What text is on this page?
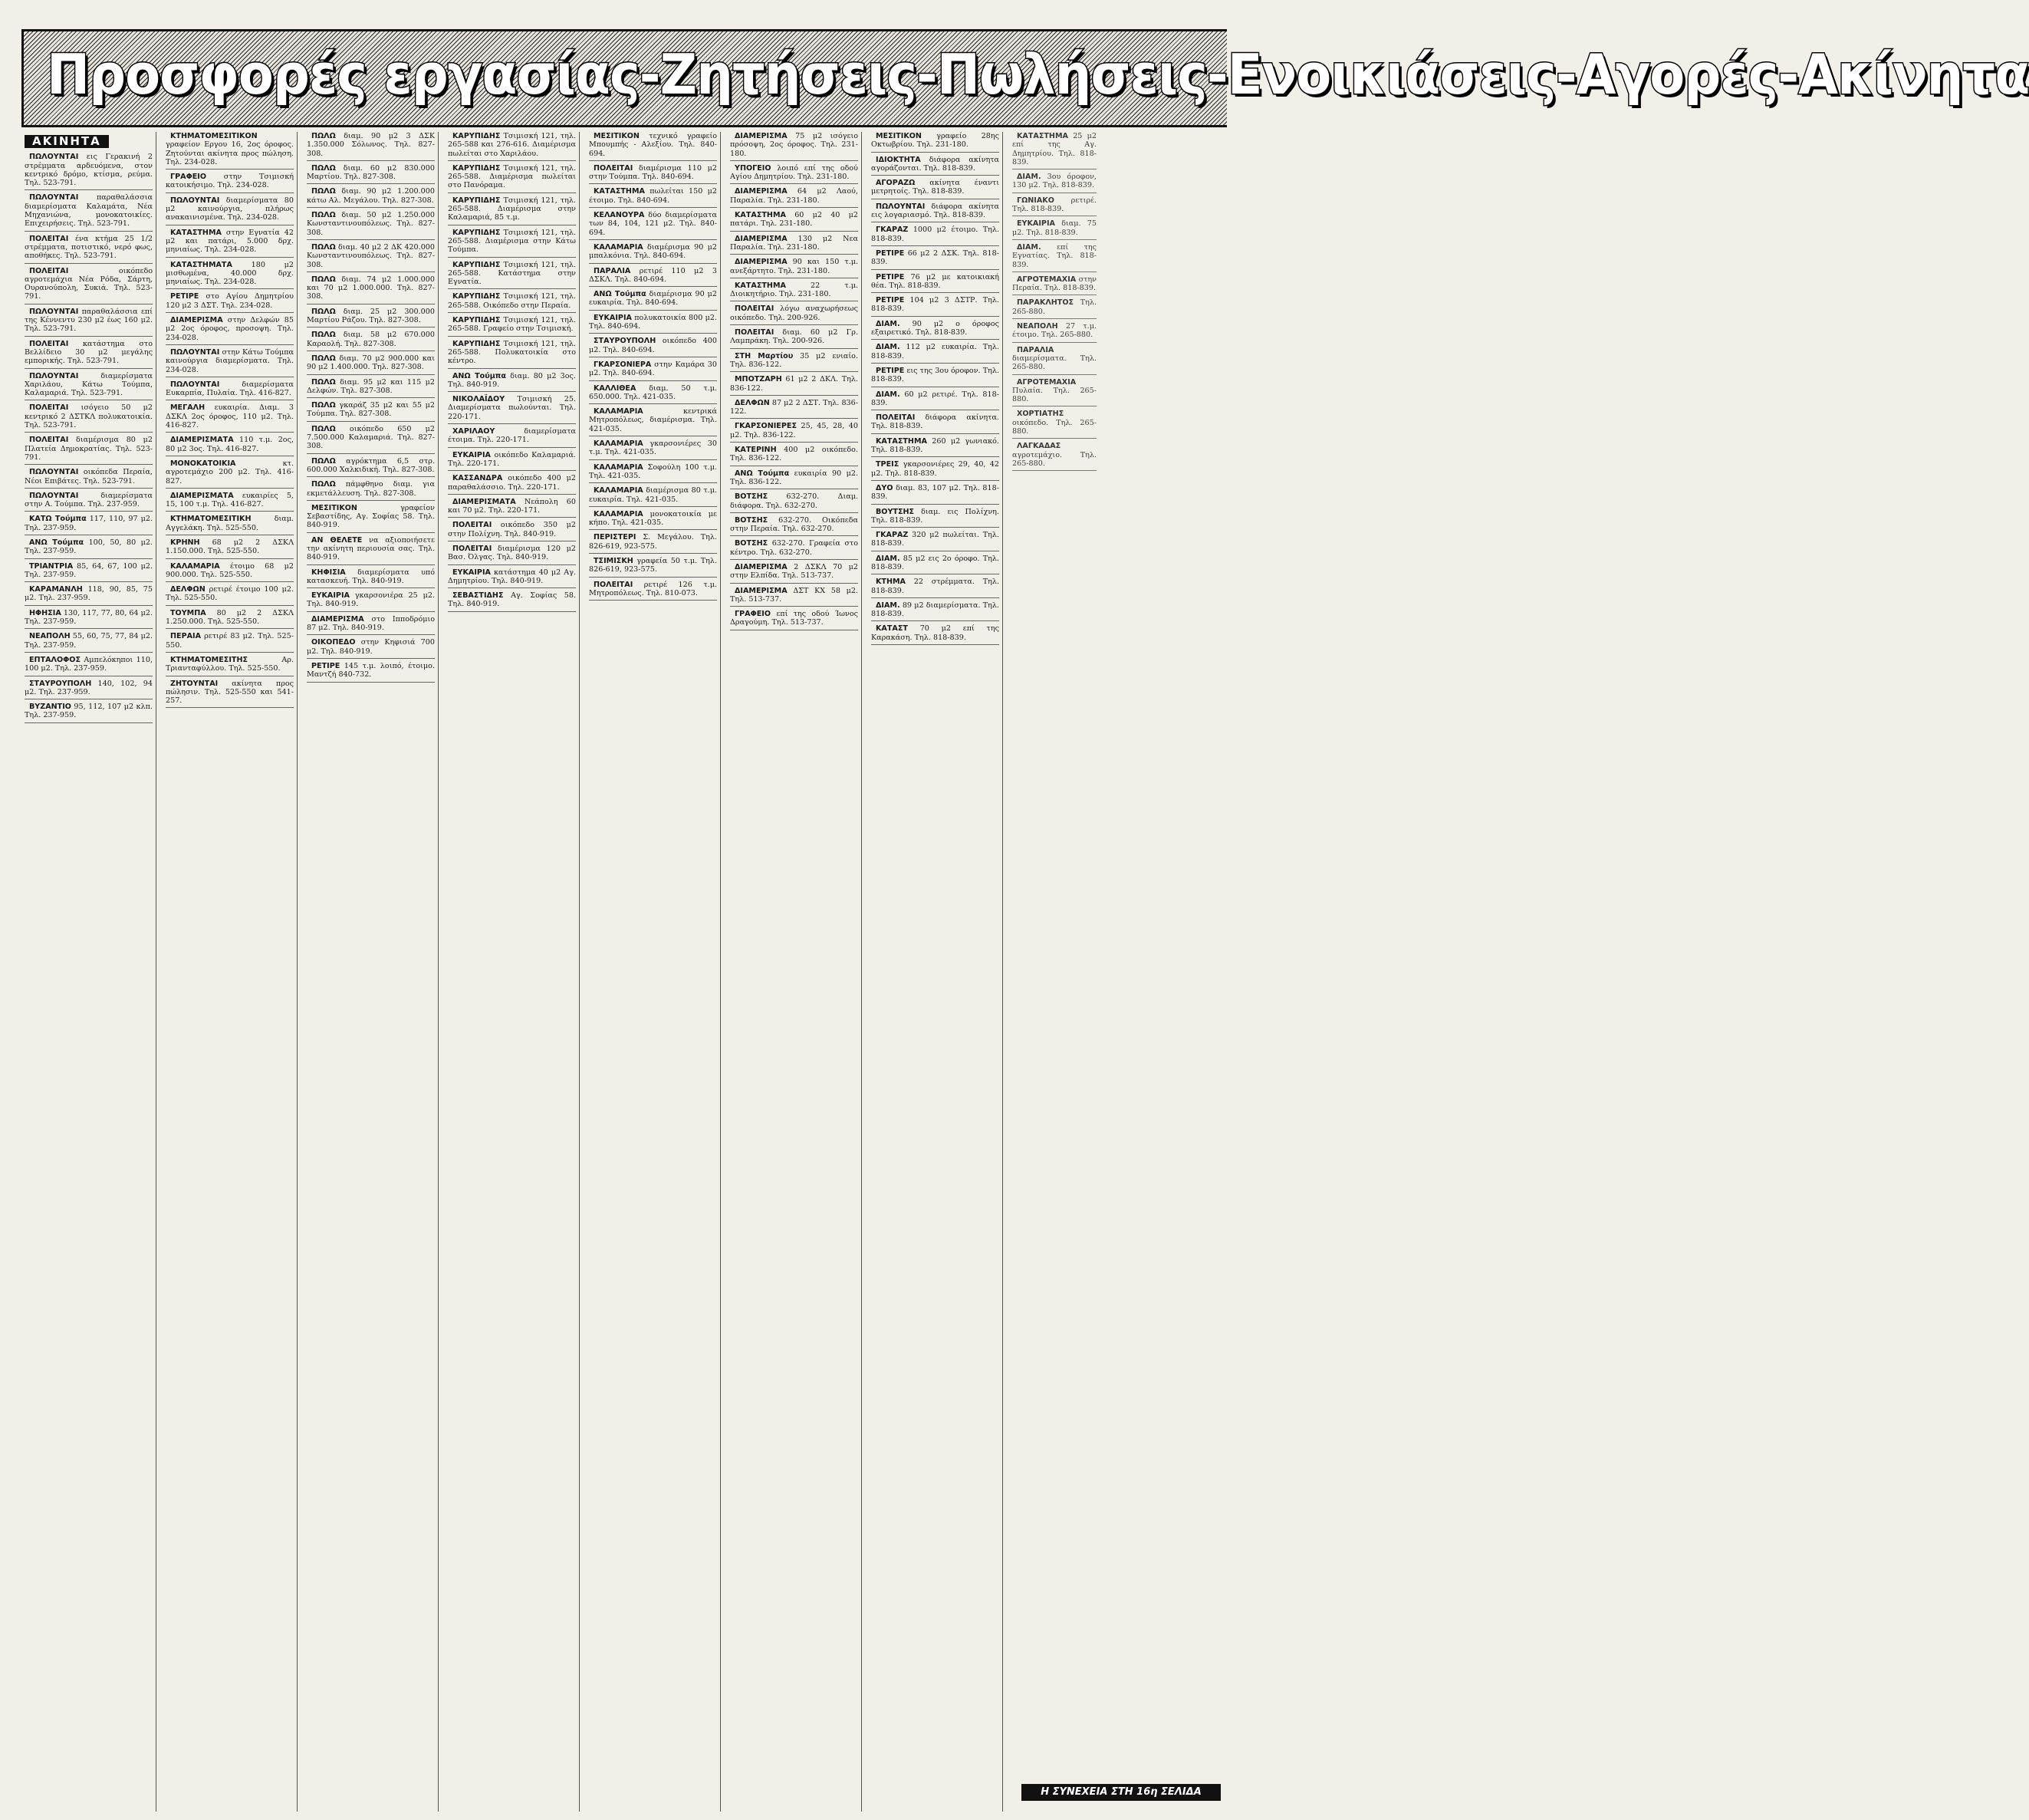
Προσφορές εργασίας-Ζητήσεις-Πωλήσεις-Ενοικιάσεις-Αγορές-Ακίνητα
ΑΚΙΝΗΤΑ
ΠΩΛΟΥΝΤΑΙ εις Γερακινή 2 στρέμματα αρδευόμενα, στον κεντρικό δρόμο, κτίσμα, ρεύμα. Τηλ. 523-791.
ΠΩΛΟΥΝΤΑΙ παραθαλάσσια διαμερίσματα Καλαμάτα, Νέα Μηχανιώνα, μονοκατοικίες. Επιχειρήσεις. Τηλ. 523-791.
ΠΟΛΕΙΤΑΙ ένα κτήμα 25 1/2 στρέμματα, ποτιστικό, νερό φως, αποθήκες. Τηλ. 523-791.
ΠΟΛΕΙΤΑΙ	οικόπεδο αγροτεμάχια Νέα Ρόδα, Σάρτη, Ουρανούπολη, Συκιά. Τηλ. 523-791.
ΠΩΛΟΥΝΤΑΙ παραθαλάσσια επί της Κέννεντυ 230 μ2 έως 160 μ2. Τηλ. 523-791.
ΠΟΛΕΙΤΑΙ κατάστημα στο Βελλίδειο 30 μ2 μεγάλης εμπορικής. Τηλ. 523-791.
ΠΩΛΟΥΝΤΑΙ	διαμερίσματα Χαριλάου, Κάτω Τούμπα, Καλαμαριά. Τηλ. 523-791.
ΠΟΛΕΙΤΑΙ ισόγειο 50 μ2 κεντρικό 2 ΔΣΤΚΛ πολυκατοικία. Τηλ. 523-791.
ΠΟΛΕΙΤΑΙ διαμέρισμα 80 μ2 Πλατεία Δημοκρατίας. Τηλ. 523-791.
ΠΩΛΟΥΝΤΑΙ οικόπεδα Περαία, Νέοι Επιβάτες. Τηλ. 523-791.
ΠΩΛΟΥΝΤΑΙ	διαμερίσματα στην Α. Τούμπα. Τηλ. 237-959.
ΚΑΤΩ Τούμπα 117, 110, 97 μ2. Τηλ. 237-959.
ΑΝΩ Τούμπα 100, 50, 80 μ2. Τηλ. 237-959.
ΤΡΙΑΝΤΡΙΑ 85, 64, 67, 100 μ2. Τηλ. 237-959.
ΚΑΡΑΜΑΝΛΗ 118, 90, 85, 75 μ2. Τηλ. 237-959.
ΗΦΗΣΙΑ 130, 117, 77, 80, 64 μ2. Τηλ. 237-959.
ΝΕΑΠΟΛΗ 55, 60, 75, 77, 84 μ2. Τηλ. 237-959.
ΕΠΤΑΛΟΦΟΣ Αμπελόκηποι 110, 100 μ2. Τηλ. 237-959.
ΣΤΑΥΡΟΥΠΟΛΗ 140, 102, 94 μ2. Τηλ. 237-959.
ΒΥΖΑΝΤΙΟ 95, 112, 107 μ2 κλπ. Τηλ. 237-959.
ΚΤΗΜΑΤΟΜΕΣΙΤΙΚΟΝ γραφείον Εργου 16, 2ος όροφος. Ζητούνται ακίνητα προς πώληση. Τηλ. 234-028.
ΓΡΑΦΕΙΟ στην Τσιμισκή κατοικήσιμο. Τηλ. 234-028.
ΠΩΛΟΥΝΤΑΙ διαμερίσματα 80 μ2 καινούργια, πλήρως ανακαινισμένα. Τηλ. 234-028.
ΚΑΤΑΣΤΗΜΑ στην Εγνατία 42 μ2 και πατάρι, 5.000 δρχ. μηνιαίως. Τηλ. 234-028.
ΚΑΤΑΣΤΗΜΑΤΑ	180 μ2 μισθωμένα, 40.000 δρχ. μηνιαίως. Τηλ. 234-028.
ΡΕΤΙΡΕ στο Αγίου Δημητρίου 120 μ2 3 ΔΣΤ. Τηλ. 234-028.
ΔΙΑΜΕΡΙΣΜΑ στην Δελφών 85 μ2 2ος όροφος, προσοψη. Τηλ. 234-028.
ΠΩΛΟΥΝΤΑΙ στην Κάτω Τούμπα καινούργια διαμερίσματα. Τηλ. 234-028.
ΠΩΛΟΥΝΤΑΙ	διαμερίσματα Ευκαρπία, Πυλαία. Τηλ. 416-827.
ΜΕΓΑΛΗ ευκαιρία. Διαμ. 3 ΔΣΚΛ 2ος όροφος, 110 μ2. Τηλ. 416-827.
ΔΙΑΜΕΡΙΣΜΑΤΑ 110 τ.μ. 2ος, 80 μ2 3ος. Τηλ. 416-827.
ΜΟΝΟΚΑΤΟΙΚΙΑ	κτ. αγροτεμάχιο 200 μ2. Τηλ. 416-827.
ΔΙΑΜΕΡΙΣΜΑΤΑ ευκαιρίες 5, 15, 100 τ.μ. Τηλ. 416-827.
ΚΤΗΜΑΤΟΜΕΣΙΤΙΚΗ	διαμ. Αγγελάκη. Τηλ. 525-550.
ΚΡΗΝΗ 68 μ2 2 ΔΣΚΛ 1.150.000. Τηλ. 525-550.
ΚΑΛΑΜΑΡΙΑ έτοιμο 68 μ2 900.000. Τηλ. 525-550.
ΔΕΛΦΩΝ ρετιρέ έτοιμο 100 μ2. Τηλ. 525-550.
ΤΟΥΜΠΑ 80 μ2 2 ΔΣΚΛ 1.250.000. Τηλ. 525-550.
ΠΕΡΑΙΑ ρετιρέ 83 μ2. Τηλ. 525-550.
ΚΤΗΜΑΤΟΜΕΣΙΤΗΣ	Αρ. Τριανταφύλλου. Τηλ. 525-550.
ΖΗΤΟΥΝΤΑΙ ακίνητα προς πώλησιν. Τηλ. 525-550 και 541-257.
ΠΩΛΩ διαμ. 90 μ2 3 ΔΣΚ 1.350.000 Σόλωνος. Τηλ. 827-308.
ΠΩΛΩ διαμ. 60 μ2 830.000 Μαρτίου. Τηλ. 827-308.
ΠΩΛΩ διαμ. 90 μ2 1.200.000 κάτω Αλ. Μεγάλου. Τηλ. 827-308.
ΠΩΛΩ διαμ. 50 μ2 1.250.000 Κωνσταντινουπόλεως. Τηλ. 827-308.
ΠΩΛΩ διαμ. 40 μ2 2 ΔΚ 420.000 Κωνσταντινουπόλεως. Τηλ. 827-308.
ΠΩΛΩ διαμ. 74 μ2 1.000.000 και 70 μ2 1.000.000. Τηλ. 827-308.
ΠΩΛΩ διαμ. 25 μ2 300.000 Μαρτίου Ράζου. Τηλ. 827-308.
ΠΩΛΩ διαμ. 58 μ2 670.000 Καραολή. Τηλ. 827-308.
ΠΩΛΩ διαμ. 70 μ2 900.000 και 90 μ2 1.400.000. Τηλ. 827-308.
ΠΩΛΩ διαμ. 95 μ2 και 115 μ2 Δελφών. Τηλ. 827-308.
ΠΩΛΩ γκαράζ 35 μ2 και 55 μ2 Τούμπα. Τηλ. 827-308.
ΠΩΛΩ οικόπεδο 650 μ2 7.500.000 Καλαμαριά. Τηλ. 827-308.
ΠΩΛΩ αγρόκτημα 6,5 στρ. 600.000 Χαλκιδική. Τηλ. 827-308.
ΠΩΛΩ πάμφθηνο διαμ. για εκμετάλλευση. Τηλ. 827-308.
ΜΕΣΙΤΙΚΟΝ	γραφείον Σεβαστίδης, Αγ. Σοφίας 58. Τηλ. 840-919.
ΑΝ ΘΕΛΕΤΕ να αξιοποιήσετε την ακίνητη περιουσία σας. Τηλ. 840-919.
ΚΗΦΙΣΙΑ διαμερίσματα υπό κατασκευή. Τηλ. 840-919.
ΕΥΚΑΙΡΙΑ γκαρσονιέρα 25 μ2. Τηλ. 840-919.
ΔΙΑΜΕΡΙΣΜΑ στο Ιπποδρόμιο 87 μ2. Τηλ. 840-919.
ΟΙΚΟΠΕΔΟ στην Κηφισιά 700 μ2. Τηλ. 840-919.
ΡΕΤΙΡΕ 145 τ.μ. λοιπό, έτοιμο. Μαντζή 840-732.
ΚΑΡΥΠΙΔΗΣ Τσιμισκή 121, τηλ. 265-588 και 276-616. Διαμέρισμα πωλείται στο Χαριλάου.
ΚΑΡΥΠΙΔΗΣ Τσιμισκή 121, τηλ. 265-588. Διαμέρισμα πωλείται στο Πανόραμα.
ΚΑΡΥΠΙΔΗΣ Τσιμισκή 121, τηλ. 265-588. Διαμέρισμα στην Καλαμαριά, 85 τ.μ.
ΚΑΡΥΠΙΔΗΣ Τσιμισκή 121, τηλ. 265-588. Διαμέρισμα στην Κάτω Τούμπα.
ΚΑΡΥΠΙΔΗΣ Τσιμισκή 121, τηλ. 265-588. Κατάστημα στην Εγνατία.
ΚΑΡΥΠΙΔΗΣ Τσιμισκή 121, τηλ. 265-588. Οικόπεδο στην Περαία.
ΚΑΡΥΠΙΔΗΣ Τσιμισκή 121, τηλ. 265-588. Γραφείο στην Τσιμισκή.
ΚΑΡΥΠΙΔΗΣ Τσιμισκή 121, τηλ. 265-588. Πολυκατοικία στο κέντρο.
ΑΝΩ Τούμπα διαμ. 80 μ2 3ος. Τηλ. 840-919.
ΝΙΚΟΛΑΪΔΟΥ Τσιμισκή 25. Διαμερίσματα πωλούνται. Τηλ. 220-171.
ΧΑΡΙΛΑΟΥ	διαμερίσματα έτοιμα. Τηλ. 220-171.
ΕΥΚΑΙΡΙΑ οικόπεδο Καλαμαριά. Τηλ. 220-171.
ΚΑΣΣΑΝΔΡΑ οικόπεδο 400 μ2 παραθαλάσσιο. Τηλ. 220-171.
ΔΙΑΜΕΡΙΣΜΑΤΑ Νεάπολη 60 και 70 μ2. Τηλ. 220-171.
ΠΟΛΕΙΤΑΙ οικόπεδο 350 μ2 στην Πολίχνη. Τηλ. 840-919.
ΠΟΛΕΙΤΑΙ διαμέρισμα 120 μ2 Βασ. Όλγας. Τηλ. 840-919.
ΕΥΚΑΙΡΙΑ κατάστημα 40 μ2 Αγ. Δημητρίου. Τηλ. 840-919.
ΣΕΒΑΣΤΙΔΗΣ Αγ. Σοφίας 58. Τηλ. 840-919.
ΜΕΣΙΤΙΚΟΝ τεχνικό γραφείο Μπουμπής - Αλεξίου. Τηλ. 840-694.
ΠΟΛΕΙΤΑΙ διαμέρισμα 110 μ2 στην Τούμπα. Τηλ. 840-694.
ΚΑΤΑΣΤΗΜΑ πωλείται 150 μ2 έτοιμο. Τηλ. 840-694.
ΚΕΛΑΝΟΥΡΑ δύο διαμερίσματα των 84, 104, 121 μ2. Τηλ. 840-694.
ΚΑΛΑΜΑΡΙΑ διαμέρισμα 90 μ2 μπαλκόνια. Τηλ. 840-694.
ΠΑΡΑΛΙΑ ρετιρέ 110 μ2 3 ΔΣΚΛ. Τηλ. 840-694.
ΑΝΩ Τούμπα διαμέρισμα 90 μ2 ευκαιρία. Τηλ. 840-694.
ΕΥΚΑΙΡΙΑ πολυκατοικία 800 μ2. Τηλ. 840-694.
ΣΤΑΥΡΟΥΠΟΛΗ οικόπεδο 400 μ2. Τηλ. 840-694.
ΓΚΑΡΣΟΝΙΕΡΑ στην Καμάρα 30 μ2. Τηλ. 840-694.
ΚΑΛΛΙΘΕΑ διαμ. 50 τ.μ. 650.000. Τηλ. 421-035.
ΚΑΛΑΜΑΡΙΑ	κεντρικά Μητροπόλεως, διαμέρισμα. Τηλ. 421-035.
ΚΑΛΑΜΑΡΙΑ γκαρσονιέρες 30 τ.μ. Τηλ. 421-035.
ΚΑΛΑΜΑΡΙΑ Σοφούλη 100 τ.μ. Τηλ. 421-035.
ΚΑΛΑΜΑΡΙΑ διαμέρισμα 80 τ.μ. ευκαιρία. Τηλ. 421-035.
ΚΑΛΑΜΑΡΙΑ μονοκατοικία με κήπο. Τηλ. 421-035.
ΠΕΡΙΣΤΕΡΙ Σ. Μεγάλου. Τηλ. 826-619, 923-575.
ΤΣΙΜΙΣΚΗ γραφεία 50 τ.μ. Τηλ. 826-619, 923-575.
ΠΟΛΕΙΤΑΙ ρετιρέ 126 τ.μ. Μητροπόλεως. Τηλ. 810-073.
ΔΙΑΜΕΡΙΣΜΑ 75 μ2 ισόγειο πρόσοψη, 2ος όροφος. Τηλ. 231-180.
ΥΠΟΓΕΙΟ λοιπό επί της οδού Αγίου Δημητρίου. Τηλ. 231-180.
ΔΙΑΜΕΡΙΣΜΑ 64 μ2 Λαού, Παραλία. Τηλ. 231-180.
ΚΑΤΑΣΤΗΜΑ 60 μ2 40 μ2 πατάρι. Τηλ. 231-180.
ΔΙΑΜΕΡΙΣΜΑ 130 μ2 Νεα Παραλία. Τηλ. 231-180.
ΔΙΑΜΕΡΙΣΜΑ 90 και 150 τ.μ. ανεξάρτητο. Τηλ. 231-180.
ΚΑΤΑΣΤΗΜΑ	22 τ.μ. Διοικητήριο. Τηλ. 231-180.
ΠΟΛΕΙΤΑΙ λόγω αναχωρήσεως οικόπεδο. Τηλ. 200-926.
ΠΟΛΕΙΤΑΙ διαμ. 60 μ2 Γρ. Λαμπράκη. Τηλ. 200-926.
ΣΤΗ Μαρτίου 35 μ2 ενιαίο. Τηλ. 836-122.
ΜΠΟΤΖΑΡΗ 61 μ2 2 ΔΚΛ. Τηλ. 836-122.
ΔΕΛΦΩΝ 87 μ2 2 ΔΣΤ. Τηλ. 836-122.
ΓΚΑΡΣΟΝΙΕΡΕΣ 25, 45, 28, 40 μ2. Τηλ. 836-122.
ΚΑΤΕΡΙΝΗ 400 μ2 οικόπεδο. Τηλ. 836-122.
ΑΝΩ Τούμπα ευκαιρία 90 μ2. Τηλ. 836-122.
ΒΟΤΣΗΣ	632-270. Διαμ. διάφορα. Τηλ. 632-270.
ΒΟΤΣΗΣ 632-270. Οικόπεδα στην Περαία. Τηλ. 632-270.
ΒΟΤΣΗΣ 632-270. Γραφεία στο κέντρο. Τηλ. 632-270.
ΔΙΑΜΕΡΙΣΜΑ 2 ΔΣΚΛ 70 μ2 στην Ελπίδα. Τηλ. 513-737.
ΔΙΑΜΕΡΙΣΜΑ ΔΣΤ ΚΧ 58 μ2. Τηλ. 513-737.
ΓΡΑΦΕΙΟ επί της οδού Ίωνος Δραγούμη. Τηλ. 513-737.
ΜΕΣΙΤΙΚΟΝ γραφείο 28ης Οκτωβρίου. Τηλ. 231-180.
ΙΔΙΟΚΤΗΤΑ διάφορα ακίνητα αγοράζονται. Τηλ. 818-839.
ΑΓΟΡΑΖΩ ακίνητα έναντι μετρητοίς. Τηλ. 818-839.
ΠΩΛΟΥΝΤΑΙ διάφορα ακίνητα εις λογαριασμό. Τηλ. 818-839.
ΓΚΑΡΑΖ 1000 μ2 έτοιμο. Τηλ. 818-839.
ΡΕΤΙΡΕ 66 μ2 2 ΔΣΚ. Τηλ. 818-839.
ΡΕΤΙΡΕ 76 μ2 με κατοικιακή θέα. Τηλ. 818-839.
ΡΕΤΙΡΕ 104 μ2 3 ΔΣΤΡ. Τηλ. 818-839.
ΔΙΑΜ. 90 μ2 ο όροφος εξαιρετικό. Τηλ. 818-839.
ΔΙΑΜ. 112 μ2 ευκαιρία. Τηλ. 818-839.
ΡΕΤΙΡΕ εις της 3ου όροφον. Τηλ. 818-839.
ΔΙΑΜ. 60 μ2 ρετιρέ. Τηλ. 818-839.
ΠΟΛΕΙΤΑΙ διάφορα ακίνητα. Τηλ. 818-839.
ΚΑΤΑΣΤΗΜΑ 260 μ2 γωνιακό. Τηλ. 818-839.
ΤΡΕΙΣ γκαρσονιέρες 29, 40, 42 μ2. Τηλ. 818-839.
ΔΥΟ διαμ. 83, 107 μ2. Τηλ. 818-839.
ΒΟΥΤΣΗΣ διαμ. εις Πολίχνη. Τηλ. 818-839.
ΓΚΑΡΑΖ 320 μ2 πωλείται. Τηλ. 818-839.
ΔΙΑΜ. 85 μ2 εις 2ο όροφο. Τηλ. 818-839.
ΚΤΗΜΑ 22 στρέμματα. Τηλ. 818-839.
ΔΙΑΜ. 89 μ2 διαμερίσματα. Τηλ. 818-839.
ΚΑΤΑΣΤ 70 μ2 επί της Καρακάση. Τηλ. 818-839.
ΚΑΤΑΣΤΗΜΑ 25 μ2 επί της Αγ. Δημητρίου. Τηλ. 818-839.
ΔΙΑΜ. 3ου όροφον, 130 μ2. Τηλ. 818-839.
ΓΩΝΙΑΚΟ ρετιρέ. Τηλ. 818-839.
ΕΥΚΑΙΡΙΑ διαμ. 75 μ2. Τηλ. 818-839.
ΔΙΑΜ. επί της Εγνατίας. Τηλ. 818-839.
ΑΓΡΟΤΕΜΑΧΙΑ στην Περαία. Τηλ. 818-839.
ΠΑΡΑΚΛΗΤΟΣ Τηλ. 265-880.
ΝΕΑΠΟΛΗ 27 τ.μ. έτοιμο. Τηλ. 265-880.
ΠΑΡΑΛΙΑ διαμερίσματα. Τηλ. 265-880.
ΑΓΡΟΤΕΜΑΧΙΑ Πυλαία. Τηλ. 265-880.
ΧΟΡΤΙΑΤΗΣ οικόπεδο. Τηλ. 265-880.
ΛΑΓΚΑΔΑΣ αγροτεμάχιο. Τηλ. 265-880.
Η ΣΥΝΕΧΕΙΑ ΣΤΗ 16η ΣΕΛΙΔΑ
